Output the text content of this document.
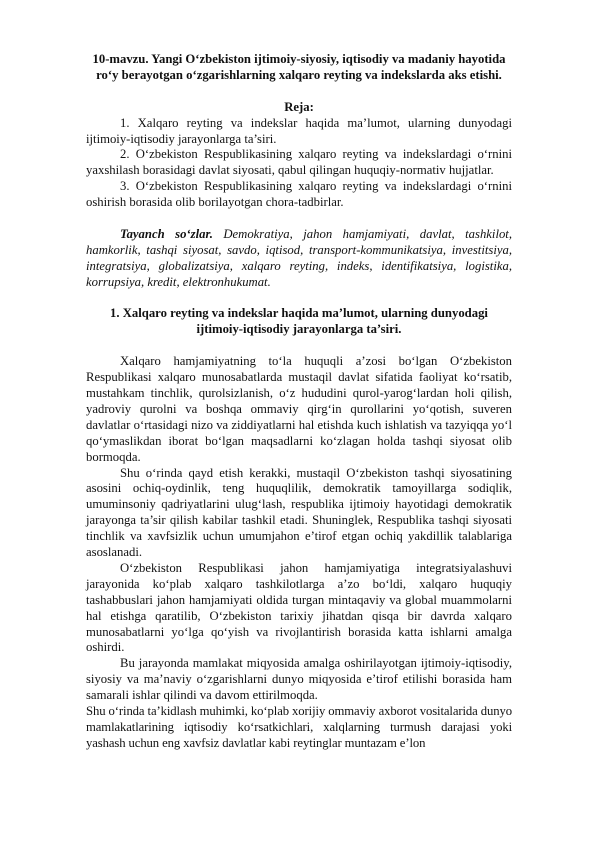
10-mavzu. Yangi O‘zbekiston ijtimoiy-siyosiy, iqtisodiy va madaniy hayotida ro‘y berayotgan o‘zgarishlarning xalqaro reyting va indekslarda aks etishi.
Reja:

1. Xalqaro reyting va indekslar haqida ma’lumot, ularning dunyodagi ijtimoiy-iqtisodiy jarayonlarga ta’siri.

2. O‘zbekiston Respublikasining xalqaro reyting va indekslardagi o‘rnini yaxshilash borasidagi davlat siyosati, qabul qilingan huquqiy-normativ hujjatlar.

3. O‘zbekiston Respublikasining xalqaro reyting va indekslardagi o‘rnini oshirish borasida olib borilayotgan chora-tadbirlar.

Tayanch so‘zlar. Demokratiya, jahon hamjamiyati, davlat, tashkilot, hamkorlik, tashqi siyosat, savdo, iqtisod, transport-kommunikatsiya, investitsiya, integratsiya, globalizatsiya, xalqaro reyting, indeks, identifikatsiya, logistika, korrupsiya, kredit, elektronhukumat.

1. Xalqaro reyting va indekslar haqida ma’lumot, ularning dunyodagi ijtimoiy-iqtisodiy jarayonlarga ta’siri.

Xalqaro hamjamiyatning to‘la huquqli a’zosi bo‘lgan O‘zbekiston Respublikasi xalqaro munosabatlarda mustaqil davlat sifatida faoliyat ko‘rsatib, mustahkam tinchlik, qurolsizlanish, o‘z hududini qurol-yarog‘lardan holi qilish, yadroviy qurolni va boshqa ommaviy qirg‘in qurollarini yo‘qotish, suveren davlatlar o‘rtasidagi nizo va ziddiyatlarni hal etishda kuch ishlatish va tazyiqqa yo‘l qo‘ymaslikdan iborat bo‘lgan maqsadlarni ko‘zlagan holda tashqi siyosat olib bormoqda.

Shu o‘rinda qayd etish kerakki, mustaqil O‘zbekiston tashqi siyosatining asosini ochiq-oydinlik, teng huquqlilik, demokratik tamoyillarga sodiqlik, umuminsoniy qadriyatlarini ulug‘lash, respublika ijtimoiy hayotidagi demokratik jarayonga ta’sir qilish kabilar tashkil etadi. Shuninglek, Respublika tashqi siyosati tinchlik va xavfsizlik uchun umumjahon e’tirof etgan ochiq yakdillik talablariga asoslanadi.

O‘zbekiston Respublikasi jahon hamjamiyatiga integratsiyalashuvi jarayonida ko‘plab xalqaro tashkilotlarga a’zo bo‘ldi, xalqaro huquqiy tashabbuslari jahon hamjamiyati oldida turgan mintaqaviy va global muammolarni hal etishga qaratilib, O‘zbekiston tarixiy jihatdan qisqa bir davrda xalqaro munosabatlarni yo‘lga qo‘yish va rivojlantirish borasida katta ishlarni amalga oshirdi.

Bu jarayonda mamlakat miqyosida amalga oshirilayotgan ijtimoiy-iqtisodiy, siyosiy va ma’naviy o‘zgarishlarni dunyo miqyosida e’tirof etilishi borasida ham samarali ishlar qilindi va davom ettirilmoqda.

Shu o‘rinda ta’kidlash muhimki, ko‘plab xorijiy ommaviy axborot vositalarida dunyo mamlakatlarining iqtisodiy ko‘rsatkichlari, xalqlarning turmush darajasi yoki yashash uchun eng xavfsiz davlatlar kabi reytinglar muntazam e’lon
